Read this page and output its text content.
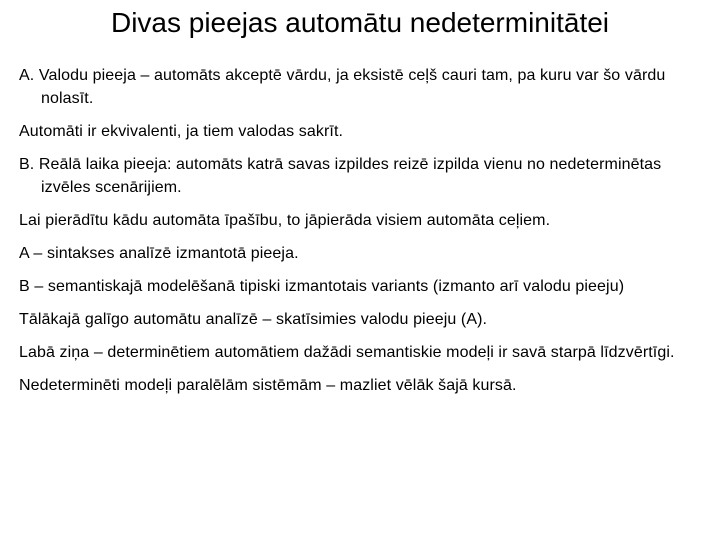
Divas pieejas automātu nedeterminitātei

A. Valodu pieeja – automāts akceptē vārdu, ja eksistē ceļš cauri tam, pa kuru var šo vārdu nolasīt.

Automāti ir ekvivalenti, ja tiem valodas sakrīt.

B. Reālā laika pieeja: automāts katrā savas izpildes reizē izpilda vienu no nedeterminētas izvēles scenārijiem.

Lai pierādītu kādu automāta īpašību, to jāpierāda visiem automāta ceļiem.

A – sintakses analīzē izmantotā pieeja.

B – semantiskajā modelēšanā tipiski izmantotais variants (izmanto arī valodu pieeju)

Tālākajā galīgo automātu analīzē – skatīsimies valodu pieeju (A).

Labā ziņa – determinētiem automātiem dažādi semantiskie modeļi ir savā starpā līdzvērtīgi.

Nedeterminēti modeļi paralēlām sistēmām – mazliet vēlāk šajā kursā.
